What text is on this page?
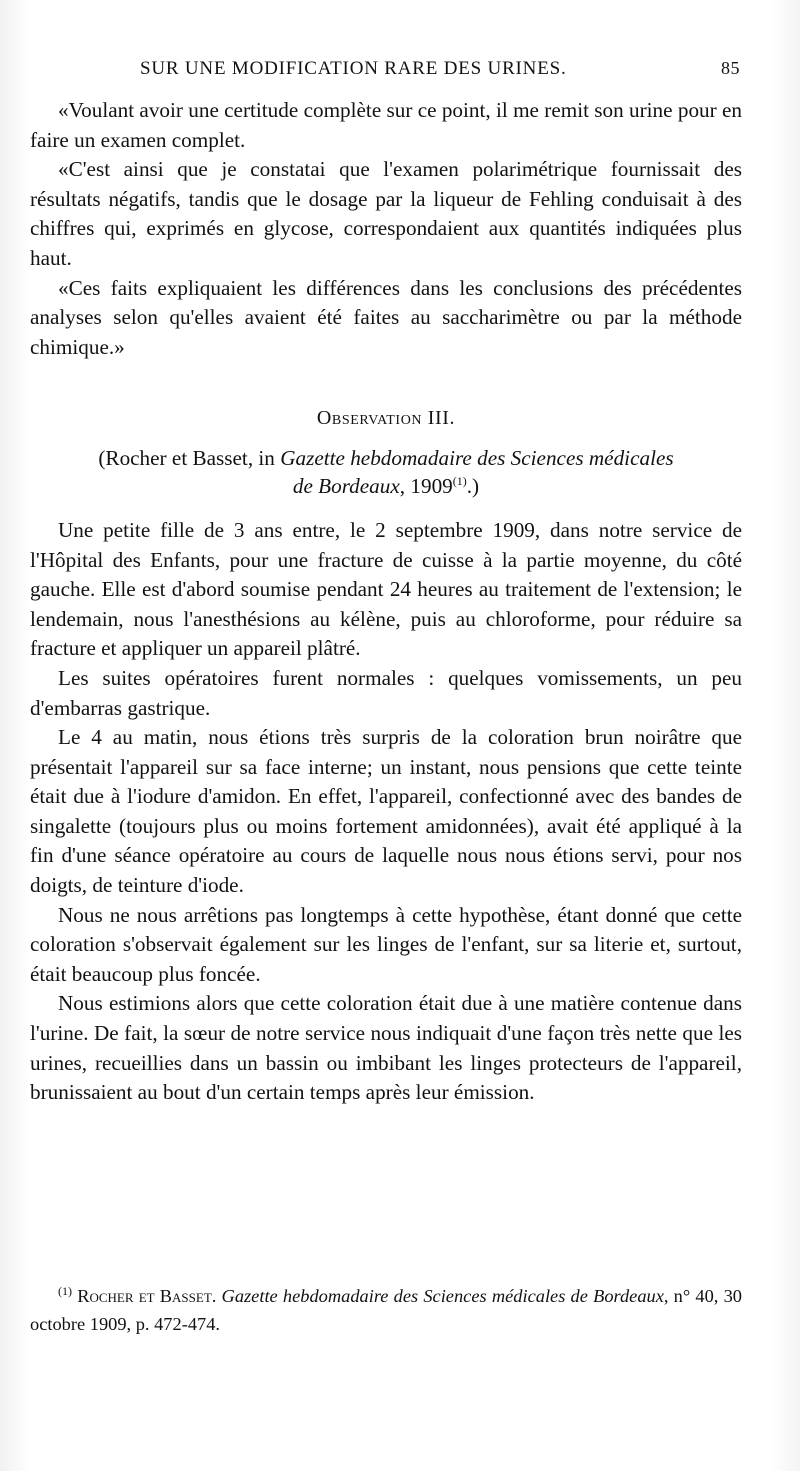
SUR UNE MODIFICATION RARE DES URINES.	85

«Voulant avoir une certitude complète sur ce point, il me remit son urine pour en faire un examen complet.

«C'est ainsi que je constatai que l'examen polarimétrique fournissait des résultats négatifs, tandis que le dosage par la liqueur de Fehling conduisait à des chiffres qui, exprimés en glycose, correspondaient aux quantités indiquées plus haut.

«Ces faits expliquaient les différences dans les conclusions des précédentes analyses selon qu'elles avaient été faites au saccharimètre ou par la méthode chimique.»

Observation III.

(Rocher et Basset, in Gazette hebdomadaire des Sciences médicales
de Bordeaux, 1909$^{(1)}$.)

Une petite fille de 3 ans entre, le 2 septembre 1909, dans notre service de l'Hôpital des Enfants, pour une fracture de cuisse à la partie moyenne, du côté gauche. Elle est d'abord soumise pendant 24 heures au traitement de l'extension; le lendemain, nous l'anesthésions au kélène, puis au chloroforme, pour réduire sa fracture et appliquer un appareil plâtré.

Les suites opératoires furent normales : quelques vomissements, un peu d'embarras gastrique.

Le 4 au matin, nous étions très surpris de la coloration brun noirâtre que présentait l'appareil sur sa face interne; un instant, nous pensions que cette teinte était due à l'iodure d'amidon. En effet, l'appareil, confectionné avec des bandes de singalette (toujours plus ou moins fortement amidonnées), avait été appliqué à la fin d'une séance opératoire au cours de laquelle nous nous étions servi, pour nos doigts, de teinture d'iode.

Nous ne nous arrêtions pas longtemps à cette hypothèse, étant donné que cette coloration s'observait également sur les linges de l'enfant, sur sa literie et, surtout, était beaucoup plus foncée.

Nous estimions alors que cette coloration était due à une matière contenue dans l'urine. De fait, la sœur de notre service nous indiquait d'une façon très nette que les urines, recueillies dans un bassin ou imbibant les linges protecteurs de l'appareil, brunissaient au bout d'un certain temps après leur émission.

$^{(1)}$ Rocher et Basset. Gazette hebdomadaire des Sciences médicales de Bordeaux, n° 40, 30 octobre 1909, p. 472-474.
